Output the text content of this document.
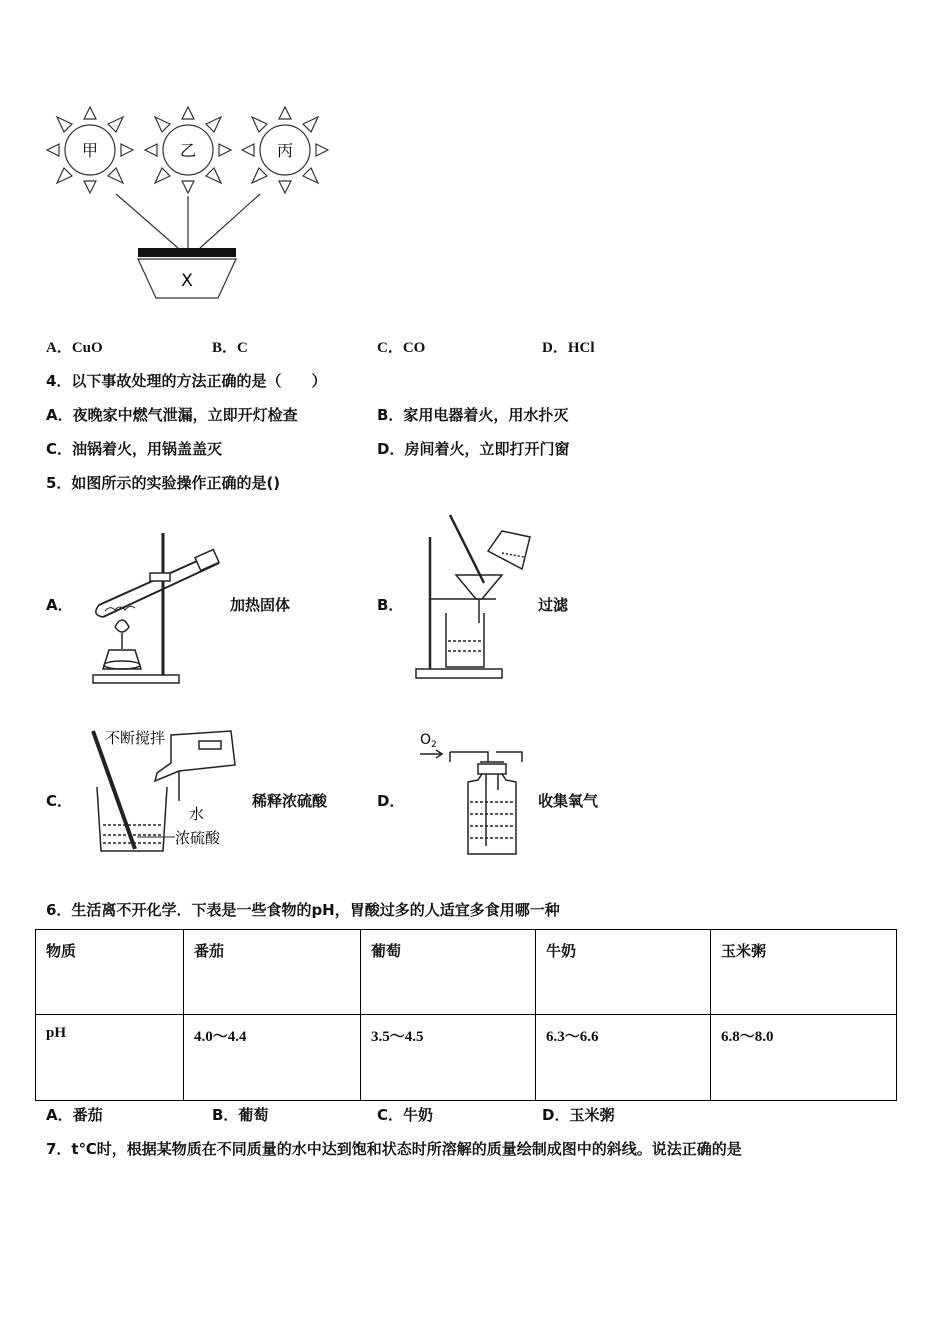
甲	乙	丙
X
A．CuO	B．C	C．CO	D．HCl
4．以下事故处理的方法正确的是（　　）
A．夜晚家中燃气泄漏，立即开灯检查	B．家用电器着火，用水扑灭
C．油锅着火，用锅盖盖灭	D．房间着火，立即打开门窗
5．如图所示的实验操作正确的是()
A．	加热固体	B．	过滤
C．
不断搅拌
水
浓硫酸
稀释浓硫酸	D．
$O_2$
收集氧气
6．生活离不开化学．下表是一些食物的pH，胃酸过多的人适宜多食用哪一种
物质	番茄	葡萄	牛奶	玉米粥
pH	4.0～4.4	3.5～4.5	6.3～6.6	6.8～8.0
A．番茄	B．葡萄	C．牛奶	D．玉米粥
7．t℃时，根据某物质在不同质量的水中达到饱和状态时所溶解的质量绘制成图中的斜线。说法正确的是
